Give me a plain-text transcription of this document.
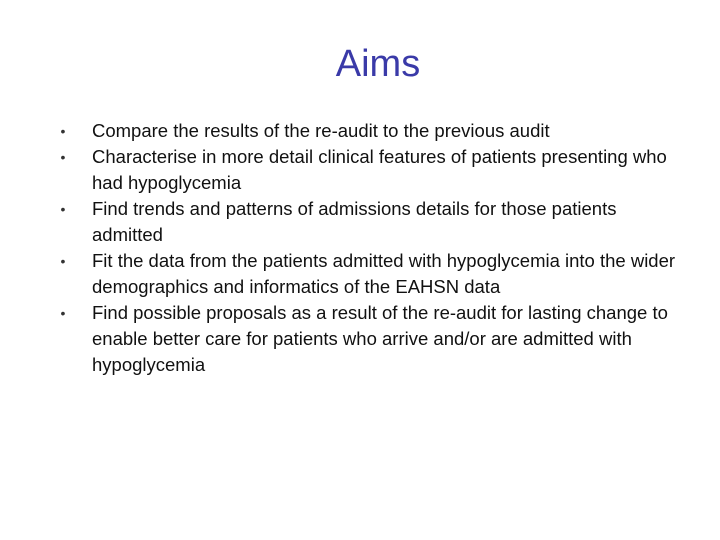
Aims
• Compare the results of the re-audit to the previous audit
• Characterise in more detail clinical features of patients presenting who had hypoglycemia
• Find trends and patterns of admissions details for those patients admitted
• Fit the data from the patients admitted with hypoglycemia into the wider demographics and informatics of the EAHSN data
• Find possible proposals as a result of the re-audit for lasting change to enable better care for patients who arrive and/or are admitted with hypoglycemia
